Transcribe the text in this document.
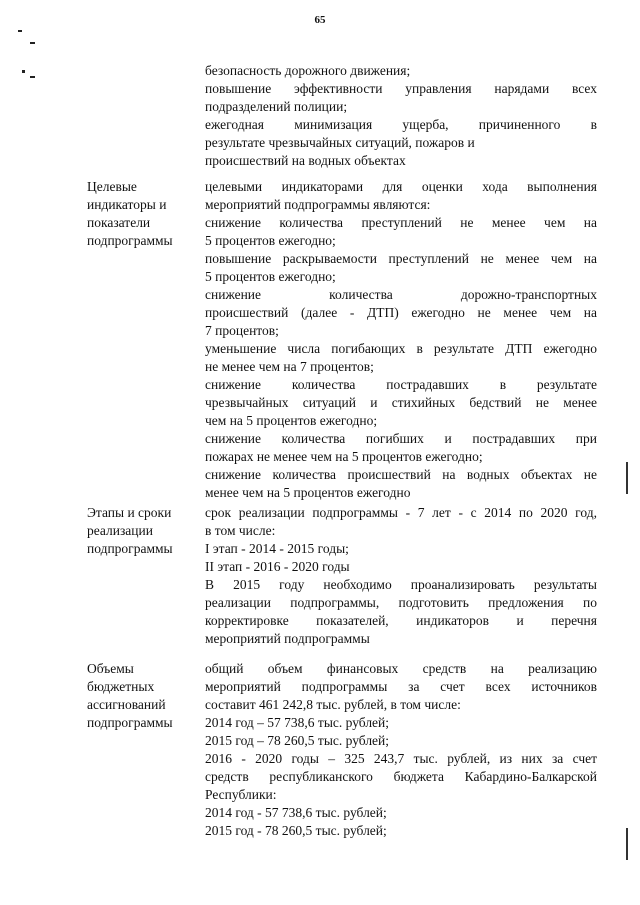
65

безопасность дорожного движения;

повышение эффективности управления нарядами всех

подразделений полиции;

ежегодная минимизация ущерба, причиненного в

результате чрезвычайных ситуаций, пожаров и

происшествий на водных объектах

Целевые
индикаторы и
показатели
подпрограммы

целевыми индикаторами для оценки хода выполнения

мероприятий подпрограммы являются:

снижение количества преступлений не менее чем на

5 процентов ежегодно;

повышение раскрываемости преступлений не менее чем на

5 процентов ежегодно;

снижение количества дорожно-транспортных

происшествий (далее - ДТП) ежегодно не менее чем на

7 процентов;

уменьшение числа погибающих в результате ДТП ежегодно

не менее чем на 7 процентов;

снижение количества пострадавших в результате

чрезвычайных ситуаций и стихийных бедствий не менее

чем на 5 процентов ежегодно;

снижение количества погибших и пострадавших при

пожарах не менее чем на 5 процентов ежегодно;

снижение количества происшествий на водных объектах не

менее чем на 5 процентов ежегодно

Этапы и сроки
реализации
подпрограммы

срок реализации подпрограммы - 7 лет - с 2014 по 2020 год,

в том числе:

I этап - 2014 - 2015 годы;

II этап - 2016 - 2020 годы

В 2015 году необходимо проанализировать результаты

реализации подпрограммы, подготовить предложения по

корректировке показателей, индикаторов и перечня

мероприятий подпрограммы

Объемы
бюджетных
ассигнований
подпрограммы

общий объем финансовых средств на реализацию

мероприятий подпрограммы за счет всех источников

составит 461 242,8 тыс. рублей, в том числе:

2014 год – 57 738,6 тыс. рублей;

2015 год – 78 260,5 тыс. рублей;

2016 - 2020 годы – 325 243,7 тыс. рублей, из них за счет

средств республиканского бюджета Кабардино-Балкарской

Республики:

2014 год - 57 738,6 тыс. рублей;

2015 год - 78 260,5 тыс. рублей;
